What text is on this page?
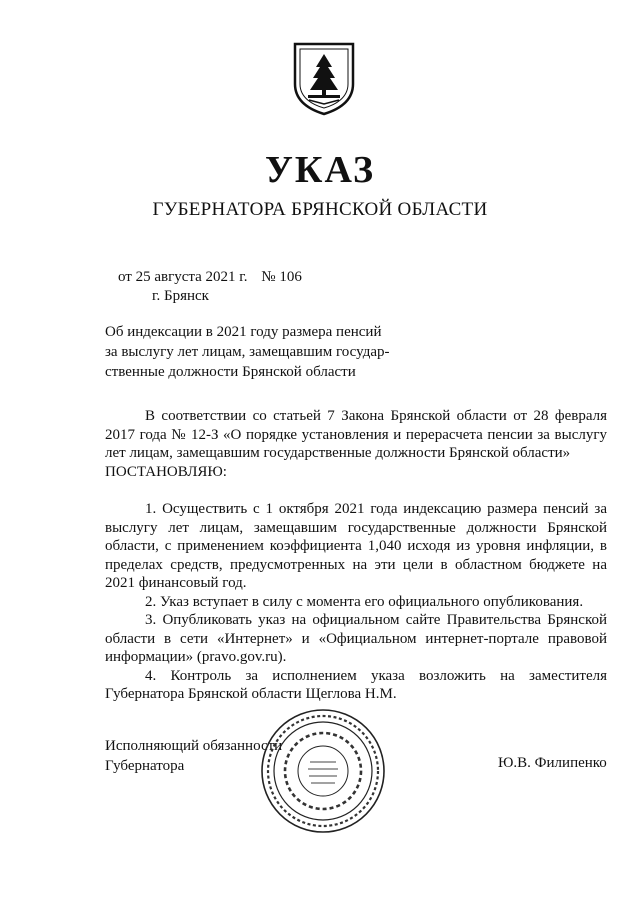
УКАЗ
ГУБЕРНАТОРА БРЯНСКОЙ ОБЛАСТИ
от 25 августа 2021 г. № 106
г. Брянск
Об индексации в 2021 году размера пенсий
за выслугу лет лицам, замещавшим государ-
ственные должности Брянской области

В соответствии со статьей 7 Закона Брянской области от 28 февраля 2017 года № 12-З «О порядке установления и перерасчета пенсии за выслугу лет лицам, замещавшим государственные должности Брянской области»

ПОСТАНОВЛЯЮ:

1. Осуществить с 1 октября 2021 года индексацию размера пенсий за выслугу лет лицам, замещавшим государственные должности Брянской области, с применением коэффициента 1,040 исходя из уровня инфляции, в пределах средств, предусмотренных на эти цели в областном бюджете на 2021 финансовый год.

2. Указ вступает в силу с момента его официального опубликования.

3. Опубликовать указ на официальном сайте Правительства Брянской области в сети «Интернет» и «Официальном интернет-портале правовой информации» (pravo.gov.ru).

4. Контроль за исполнением указа возложить на заместителя Губернатора Брянской области Щеглова Н.М.

Исполняющий обязанности
Губернатора	Ю.В. Филипенко
